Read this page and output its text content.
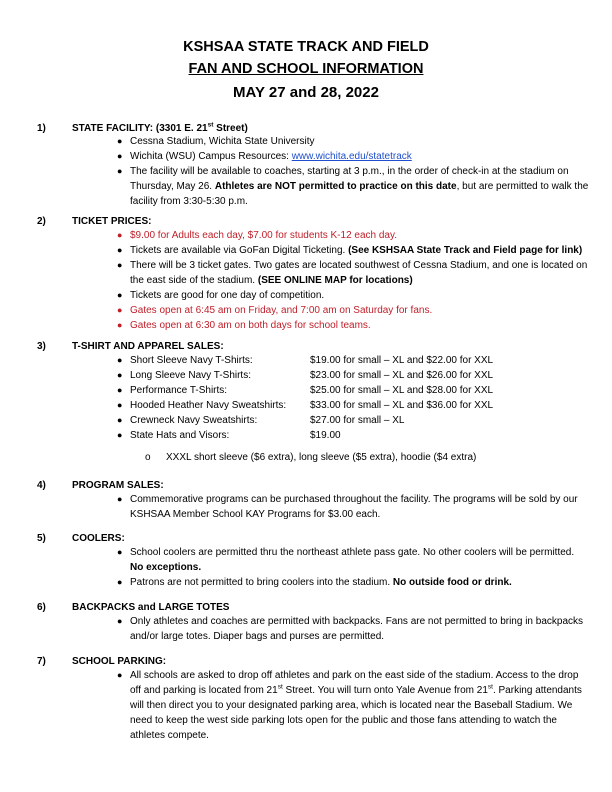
KSHSAA STATE TRACK AND FIELD
FAN AND SCHOOL INFORMATION
MAY 27 and 28, 2022
1)	STATE FACILITY: (3301 E. 21st Street)
● Cessna Stadium, Wichita State University
● Wichita (WSU) Campus Resources: www.wichita.edu/statetrack
● The facility will be available to coaches, starting at 3 p.m., in the order of check-in at the stadium on Thursday, May 26. Athletes are NOT permitted to practice on this date, but are permitted to walk the facility from 3:30-5:30 p.m.
2)	TICKET PRICES:
● $9.00 for Adults each day, $7.00 for students K-12 each day.
● Tickets are available via GoFan Digital Ticketing. (See KSHSAA State Track and Field page for link)
● There will be 3 ticket gates. Two gates are located southwest of Cessna Stadium, and one is located on the east side of the stadium. (SEE ONLINE MAP for locations)
● Tickets are good for one day of competition.
● Gates open at 6:45 am on Friday, and 7:00 am on Saturday for fans.
● Gates open at 6:30 am on both days for school teams.
3)	T-SHIRT AND APPAREL SALES:
● Short Sleeve Navy T-Shirts:	$19.00 for small – XL and $22.00 for XXL
● Long Sleeve Navy T-Shirts:	$23.00 for small – XL and $26.00 for XXL
● Performance T-Shirts:	$25.00 for small – XL and $28.00 for XXL
● Hooded Heather Navy Sweatshirts: $33.00 for small – XL and $36.00 for XXL
● Crewneck Navy Sweatshirts:	$27.00 for small – XL
● State Hats and Visors:	$19.00
o XXXL short sleeve ($6 extra), long sleeve ($5 extra), hoodie ($4 extra)
4)	PROGRAM SALES:
● Commemorative programs can be purchased throughout the facility. The programs will be sold by our KSHSAA Member School KAY Programs for $3.00 each.
5)	COOLERS:
● School coolers are permitted thru the northeast athlete pass gate. No other coolers will be permitted. No exceptions.
● Patrons are not permitted to bring coolers into the stadium. No outside food or drink.
6)	BACKPACKS and LARGE TOTES
● Only athletes and coaches are permitted with backpacks. Fans are not permitted to bring in backpacks and/or large totes. Diaper bags and purses are permitted.
7)	SCHOOL PARKING:
● All schools are asked to drop off athletes and park on the east side of the stadium. Access to the drop off and parking is located from 21st Street. You will turn onto Yale Avenue from 21st. Parking attendants will then direct you to your designated parking area, which is located near the Baseball Stadium. We need to keep the west side parking lots open for the public and those fans attending to watch the athletes compete.
